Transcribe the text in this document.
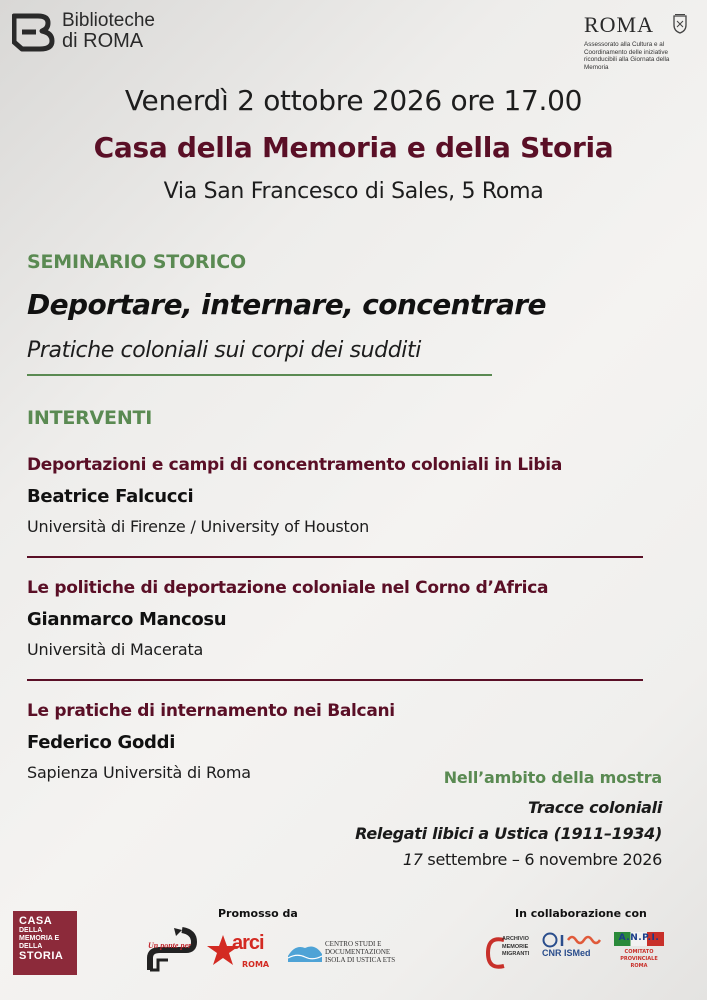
Biblioteche
di ROMA
ROMA
Assessorato alla Cultura e al Coordinamento delle iniziative riconducibili alla Giornata della Memoria
Venerdì 2 ottobre 2026 ore 17.00
Casa della Memoria e della Storia
Via San Francesco di Sales, 5 Roma
SEMINARIO STORICO
Deportare, internare, concentrare
Pratiche coloniali sui corpi dei sudditi
INTERVENTI
Deportazioni e campi di concentramento coloniali in Libia
Beatrice Falcucci
Università di Firenze / University of Houston
Le politiche di deportazione coloniale nel Corno d’Africa
Gianmarco Mancosu
Università di Macerata
Le pratiche di internamento nei Balcani
Federico Goddi
Sapienza Università di Roma	Nell’ambito della mostra
Tracce coloniali
Relegati libici a Ustica (1911–1934)
17 settembre – 6 novembre 2026
CASA
DELLA MEMORIA E DELLA
STORIA
Promosso da	In collaborazione con
Un ponte per arci
ROMA
CENTRO STUDI E DOCUMENTAZIONE ISOLA DI USTICA ETS
ARCHIVIO MEMORIE MIGRANTI	CNR ISMed
A.N.P.I.
COMITATO PROVINCIALE ROMA
